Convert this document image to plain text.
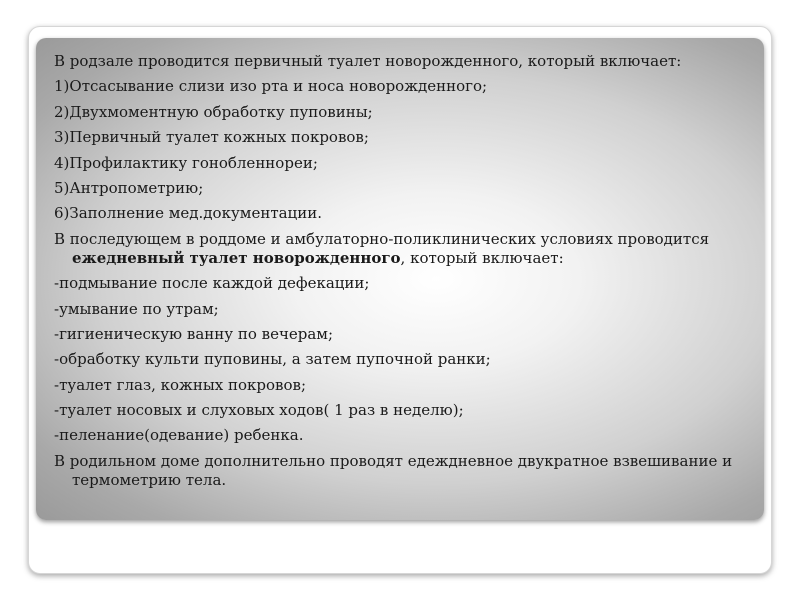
В родзале проводится первичный туалет новорожденного, который включает:

1)Отсасывание слизи изо рта и носа новорожденного;

2)Двухмоментную обработку пуповины;

3)Первичный туалет кожных покровов;

4)Профилактику гонобленнореи;

5)Антропометрию;

6)Заполнение мед.документации.

В последующем в роддоме и амбулаторно-поликлинических условиях проводится ежедневный туалет новорожденного, который включает:

-подмывание после каждой дефекации;

-умывание по утрам;

-гигиеническую ванну по вечерам;

-обработку культи пуповины, а затем пупочной ранки;

-туалет глаз, кожных покровов;

-туалет носовых и слуховых ходов( 1 раз в неделю);

-пеленание(одевание) ребенка.

В родильном доме дополнительно проводят едеждневное двукратное взвешивание и термометрию тела.
